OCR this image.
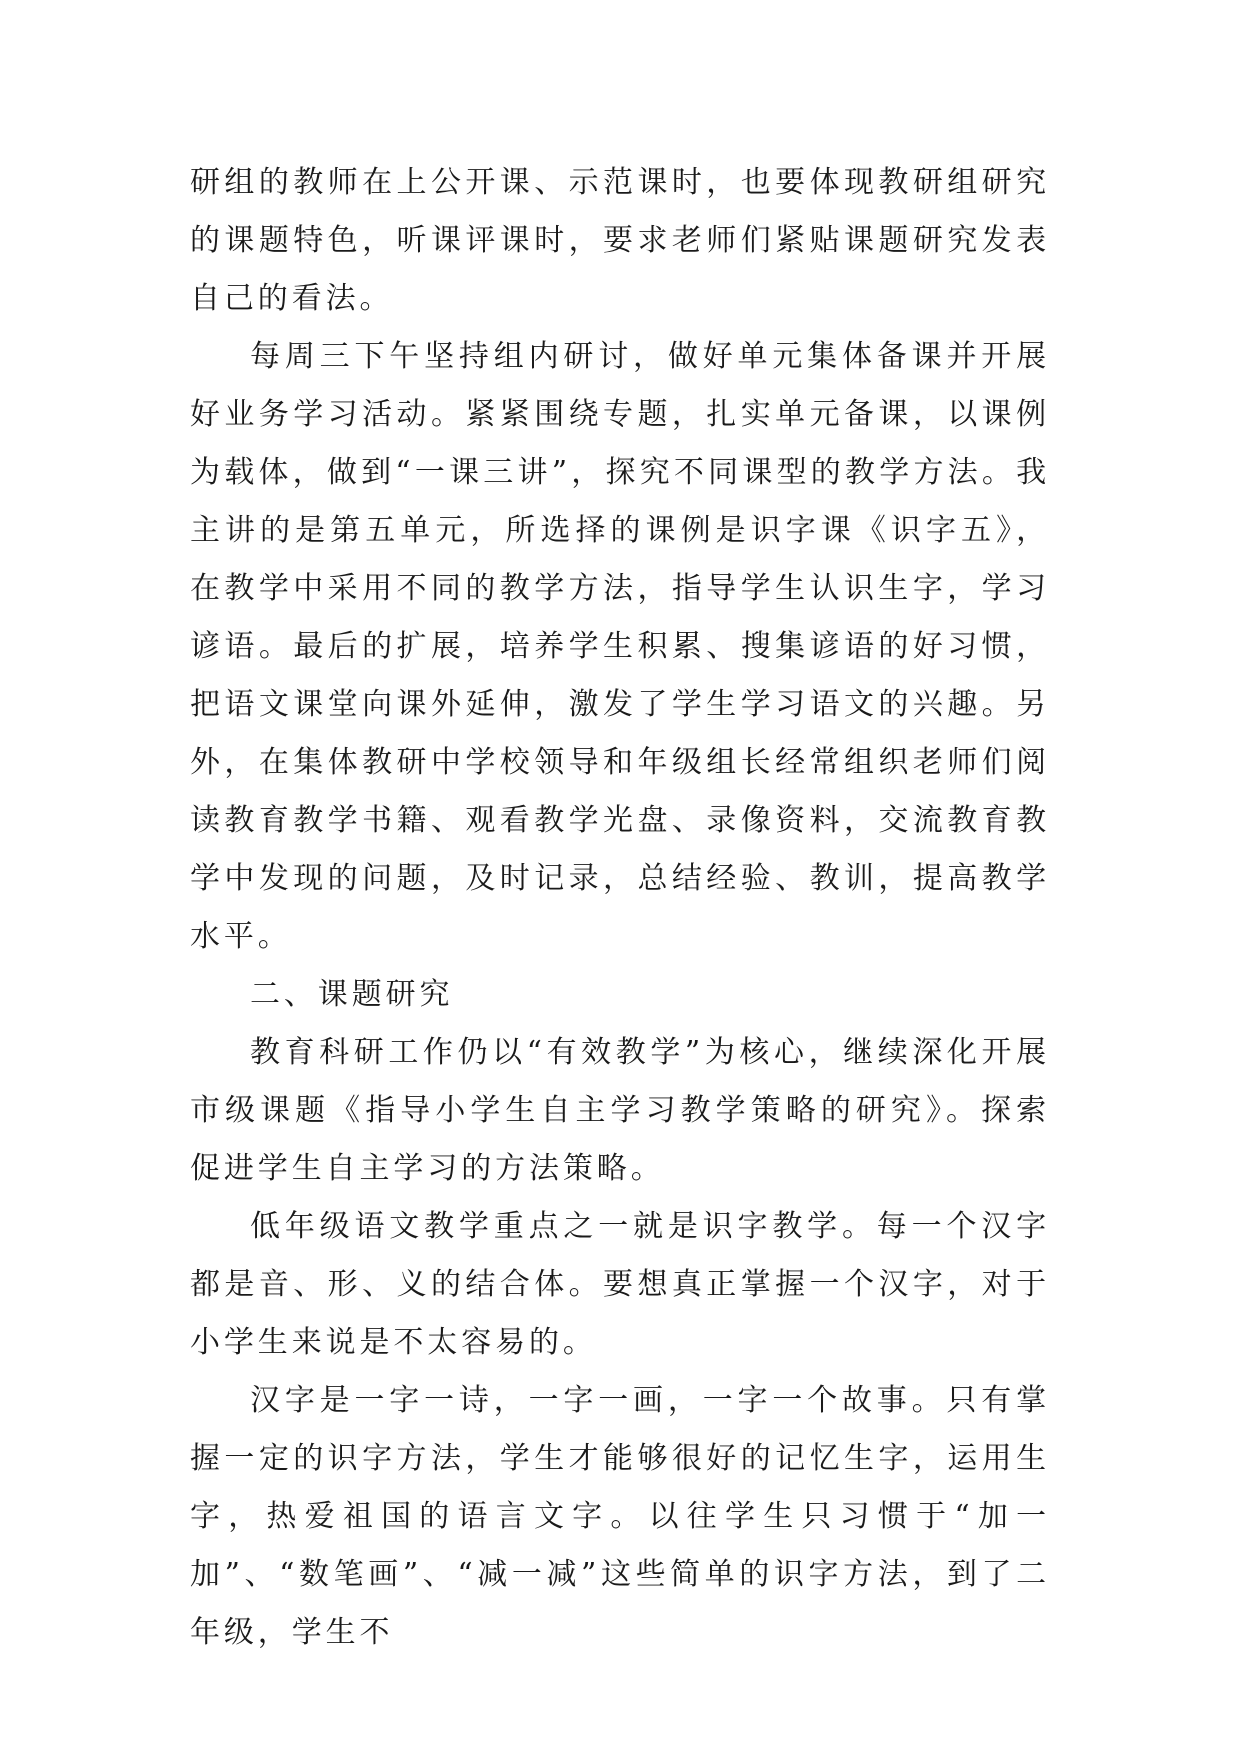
研组的教师在上公开课、示范课时，也要体现教研组研究的课题特色，听课评课时，要求老师们紧贴课题研究发表自己的看法。

每周三下午坚持组内研讨，做好单元集体备课并开展好业务学习活动。紧紧围绕专题，扎实单元备课，以课例为载体，做到“一课三讲”，探究不同课型的教学方法。我主讲的是第五单元，所选择的课例是识字课《识字五》，在教学中采用不同的教学方法，指导学生认识生字，学习谚语。最后的扩展，培养学生积累、搜集谚语的好习惯，把语文课堂向课外延伸，激发了学生学习语文的兴趣。另外，在集体教研中学校领导和年级组长经常组织老师们阅读教育教学书籍、观看教学光盘、录像资料，交流教育教学中发现的问题，及时记录，总结经验、教训，提高教学水平。

二、课题研究

教育科研工作仍以“有效教学”为核心，继续深化开展市级课题《指导小学生自主学习教学策略的研究》。探索促进学生自主学习的方法策略。

低年级语文教学重点之一就是识字教学。每一个汉字都是音、形、义的结合体。要想真正掌握一个汉字，对于小学生来说是不太容易的。

汉字是一字一诗，一字一画，一字一个故事。只有掌握一定的识字方法，学生才能够很好的记忆生字，运用生字，热爱祖国的语言文字。以往学生只习惯于“加一加”、“数笔画”、“减一减”这些简单的识字方法，到了二年级，学生不
